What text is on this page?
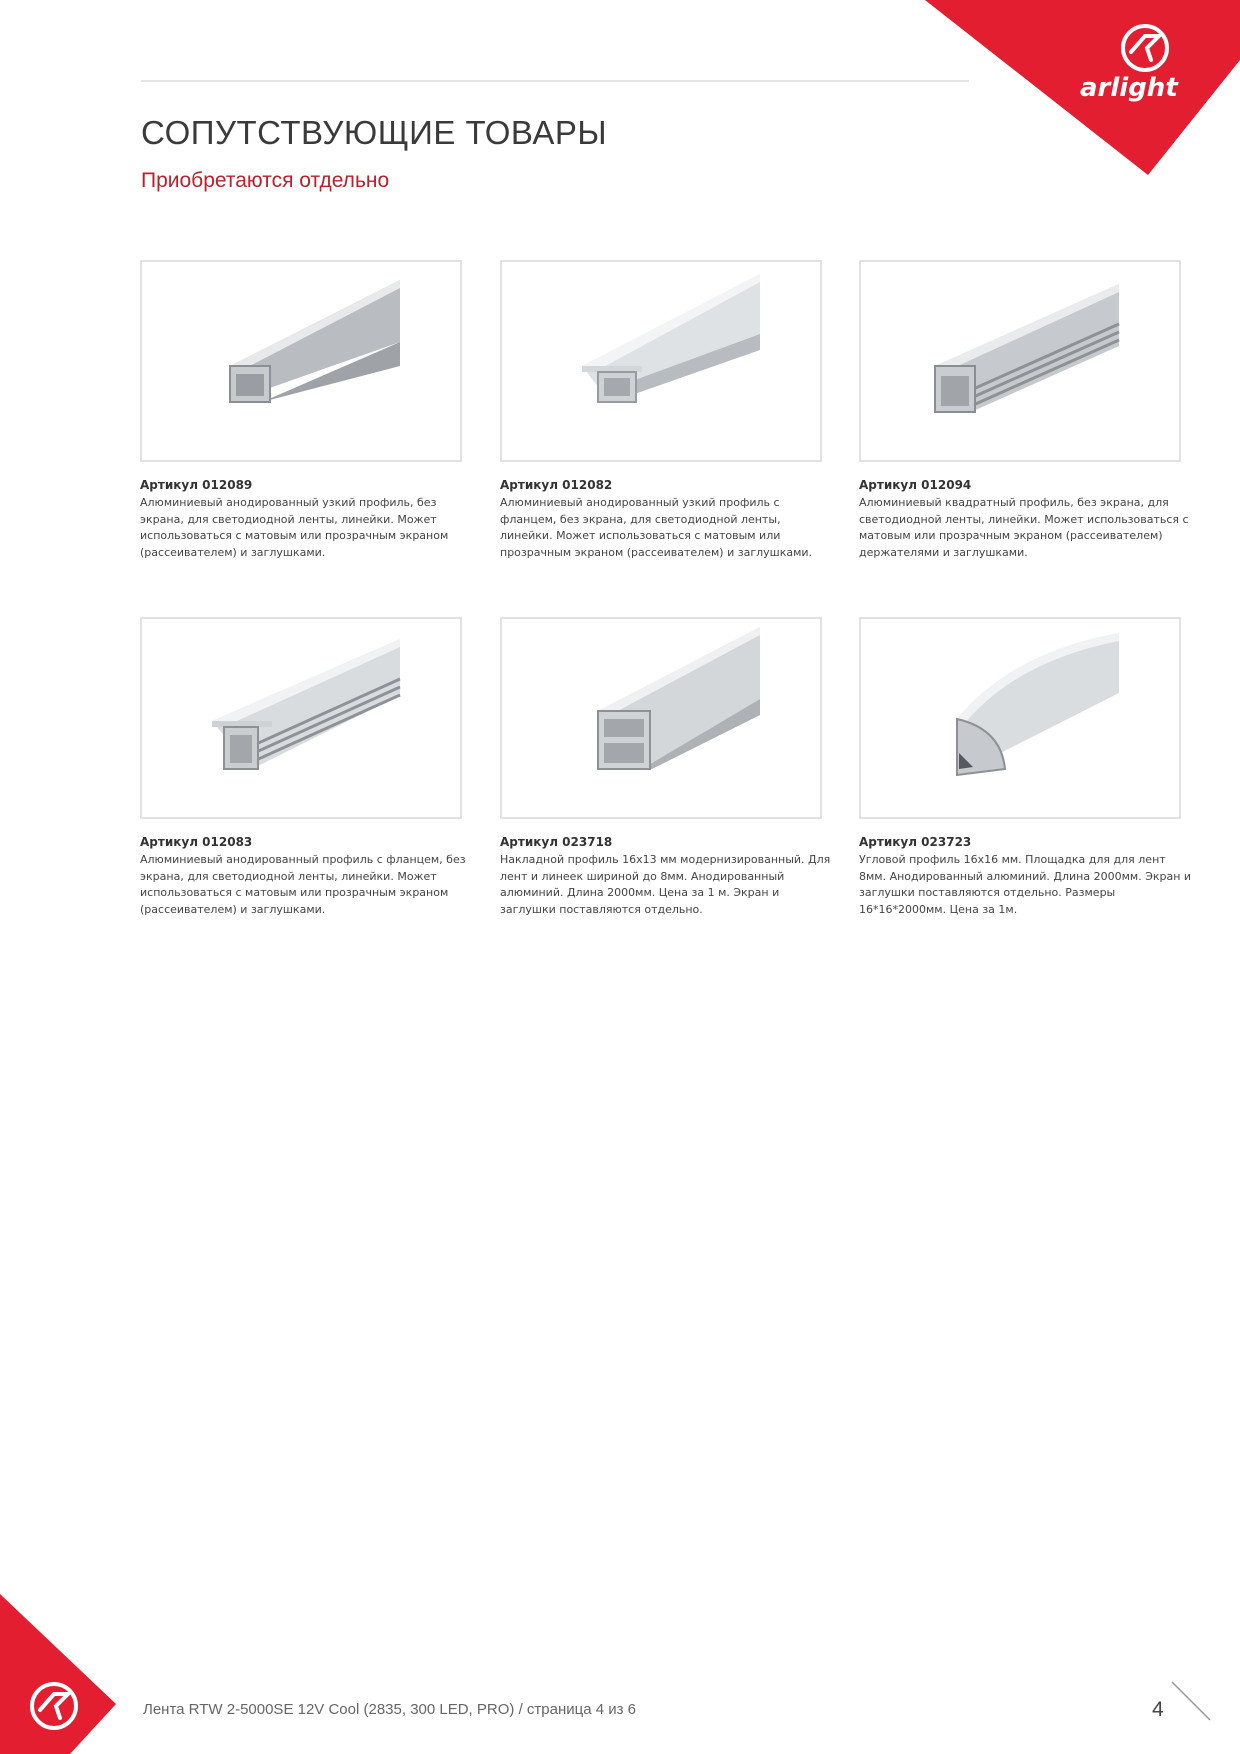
arlight
СОПУТСТВУЮЩИЕ ТОВАРЫ
Приобретаются отдельно
Артикул 012089
Алюминиевый анодированный узкий профиль, без экрана, для светодиодной ленты, линейки. Может использоваться с матовым или прозрачным экраном (рассеивателем) и заглушками.
Артикул 012082
Алюминиевый анодированный узкий профиль с фланцем, без экрана, для светодиодной ленты, линейки. Может использоваться с матовым или прозрачным экраном (рассеивателем) и заглушками.
Артикул 012094
Алюминиевый квадратный профиль, без экрана, для светодиодной ленты, линейки. Может использоваться с матовым или прозрачным экраном (рассеивателем) держателями и заглушками.
Артикул 012083
Алюминиевый анодированный профиль с фланцем, без экрана, для светодиодной ленты, линейки. Может использоваться с матовым или прозрачным экраном (рассеивателем) и заглушками.
Артикул 023718
Накладной профиль 16x13 мм модернизированный. Для лент и линеек шириной до 8мм. Анодированный алюминий. Длина 2000мм. Цена за 1 м. Экран и заглушки поставляются отдельно.
Артикул 023723
Угловой профиль 16x16 мм. Площадка для для лент 8мм. Анодированный алюминий. Длина 2000мм. Экран и заглушки поставляются отдельно. Размеры 16*16*2000мм. Цена за 1м.
Лента RTW 2-5000SE 12V Cool (2835, 300 LED, PRO) / страница 4 из 6	4
